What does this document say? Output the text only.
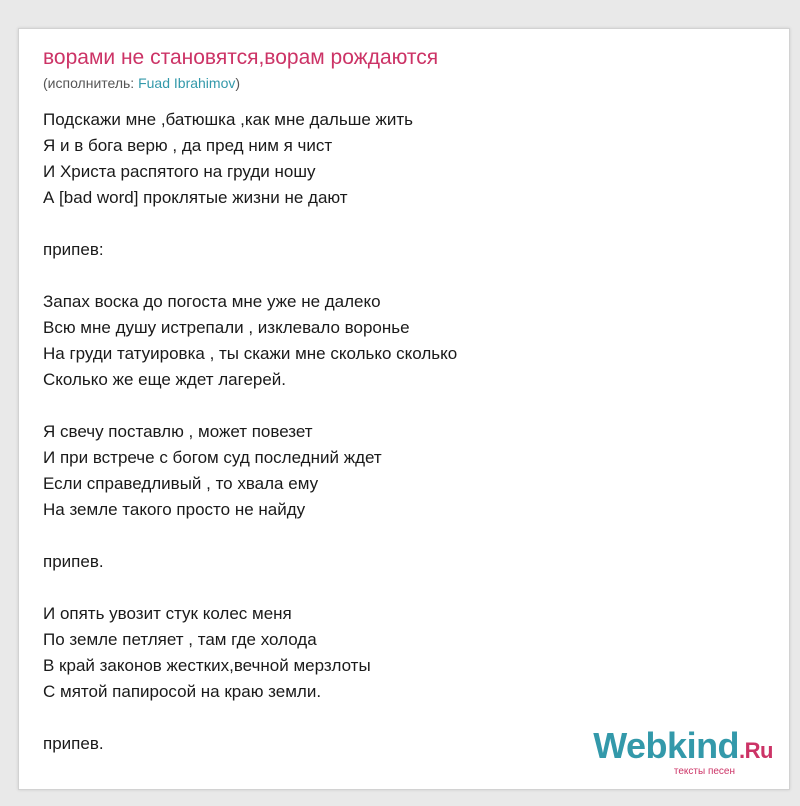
ворами не становятся,ворам рождаются
(исполнитель: Fuad Ibrahimov)
Подскажи мне ,батюшка ,как мне дальше жить
Я и в бога верю , да пред ним я чист
И Христа распятого на груди ношу
А [bad word] проклятые жизни не дают
припев:
Запах воска до погоста мне уже не далеко
Всю мне душу истрепали , изклевало воронье
На груди татуировка , ты скажи мне сколько сколько
Сколько же еще ждет лагерей.
Я свечу поставлю , может повезет
И при встрече с богом суд последний ждет
Если справедливый , то хвала ему
На земле такого просто не найду
припев.
И опять увозит стук колес меня
По земле петляет , там где холода
В край законов жестких,вечной мерзлоты
С мятой папиросой на краю земли.
припев.	Webkind.Ru
тексты песен
